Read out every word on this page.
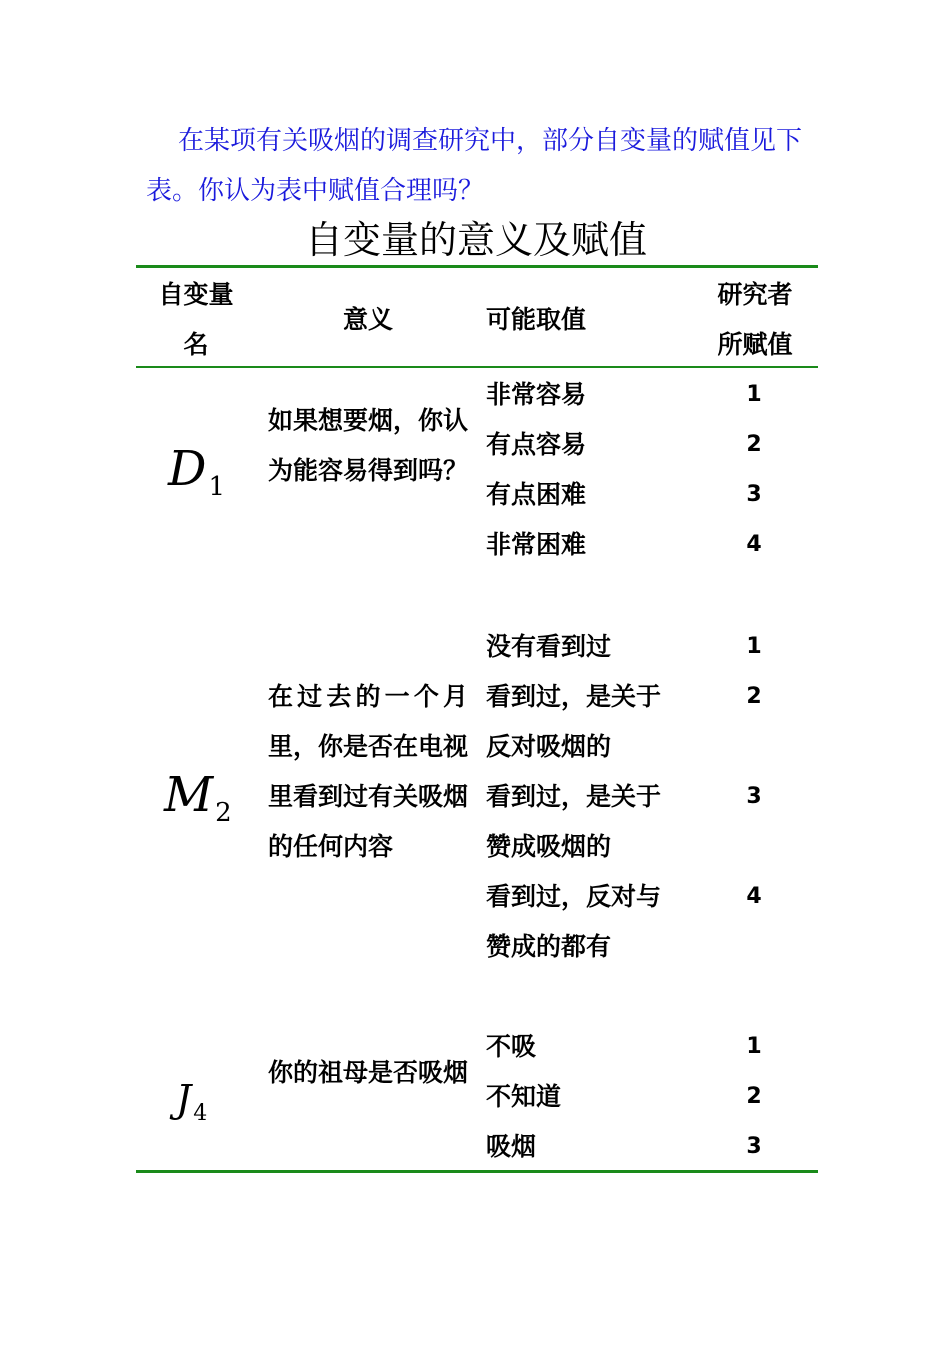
在某项有关吸烟的调查研究中，部分自变量的赋值见下表。你认为表中赋值合理吗？
自变量的意义及赋值
自变量
名
意义	可能取值
研究者
所赋值
$D_1$
如果想要烟，你认为能容易得到吗？
非常容易
有点容易
有点困难
非常困难
1
2
3
4
$M_2$
在过去的一个月里，你是否在电视里看到过有关吸烟的任何内容
没有看到过
看到过，是关于
反对吸烟的
看到过，是关于
赞成吸烟的
看到过，反对与
赞成的都有
1
2
3
4
$J_4$
你的祖母是否吸烟
不吸
不知道
吸烟
1
2
3
